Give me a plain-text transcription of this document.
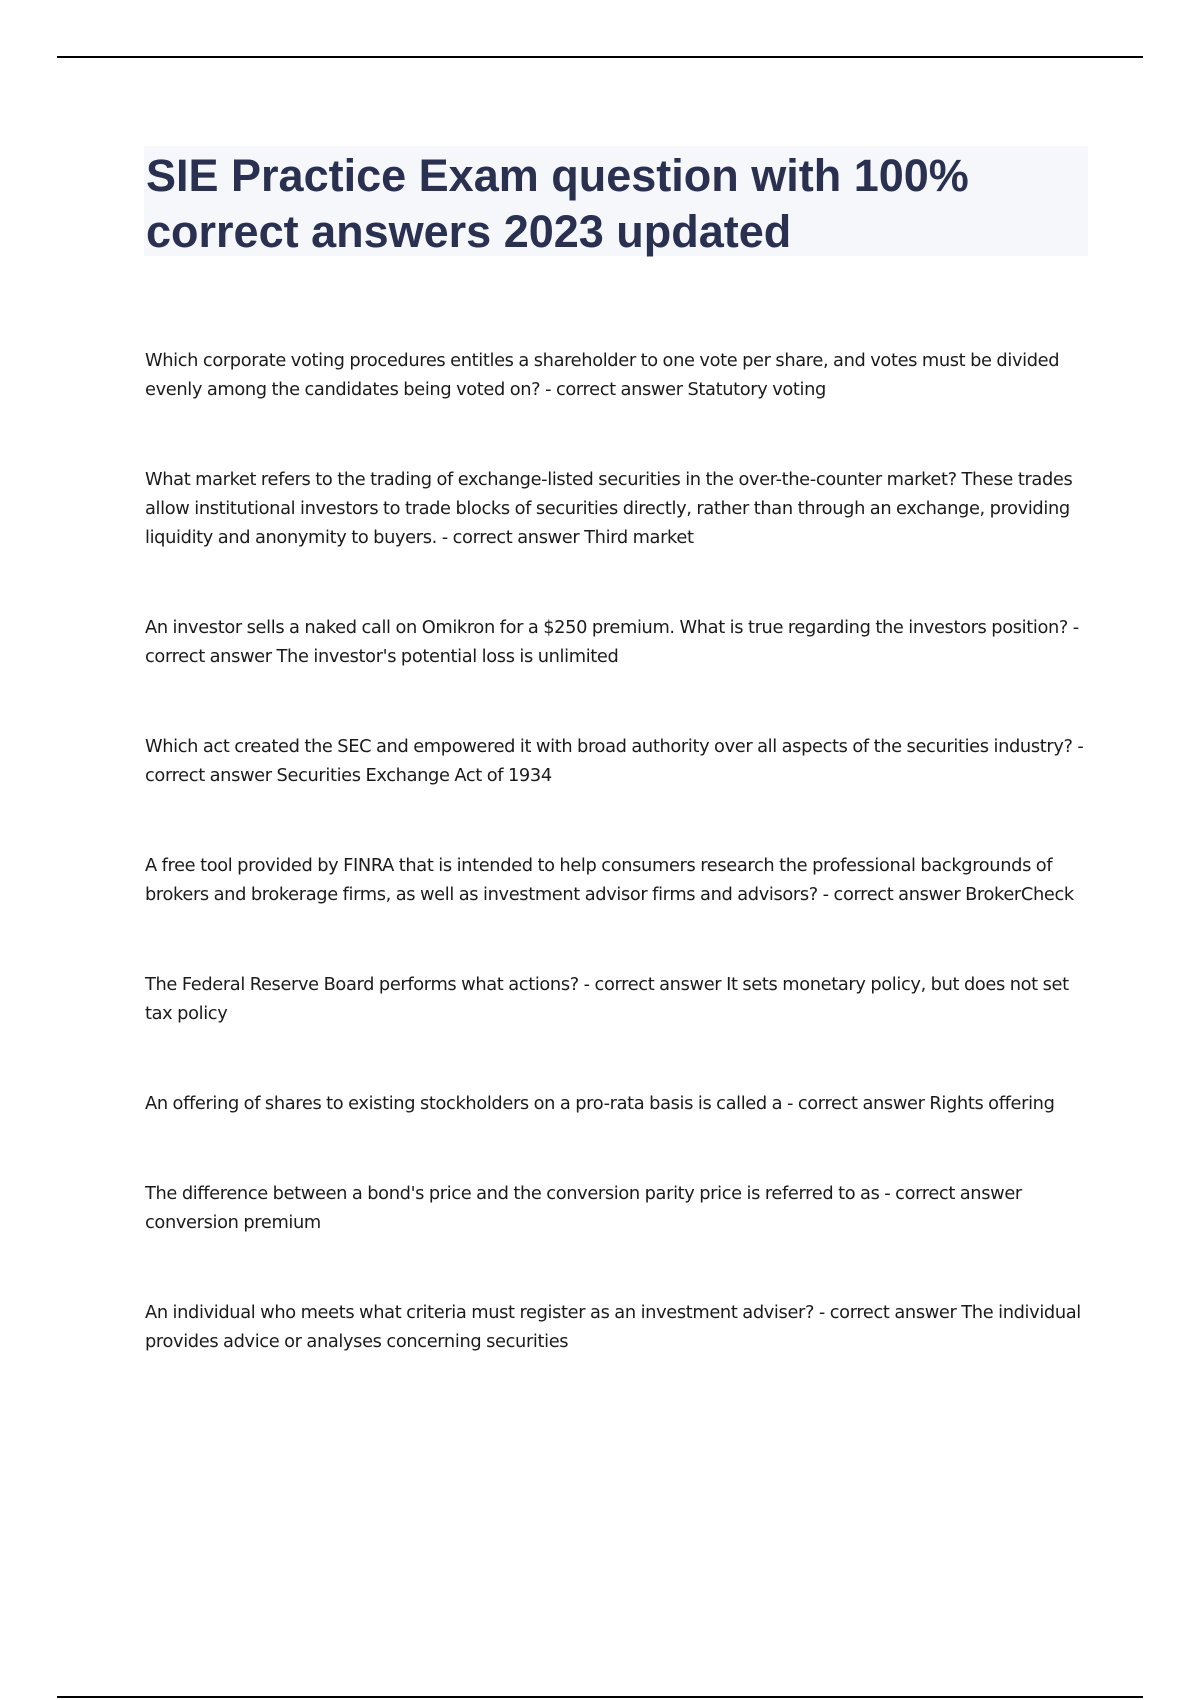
SIE Practice Exam question with 100% correct answers 2023 updated

Which corporate voting procedures entitles a shareholder to one vote per share, and votes must be divided evenly among the candidates being voted on? - correct answer Statutory voting

What market refers to the trading of exchange-listed securities in the over-the-counter market? These trades allow institutional investors to trade blocks of securities directly, rather than through an exchange, providing liquidity and anonymity to buyers. - correct answer Third market

An investor sells a naked call on Omikron for a $250 premium. What is true regarding the investors position? - correct answer The investor's potential loss is unlimited

Which act created the SEC and empowered it with broad authority over all aspects of the securities industry? - correct answer Securities Exchange Act of 1934

A free tool provided by FINRA that is intended to help consumers research the professional backgrounds of brokers and brokerage firms, as well as investment advisor firms and advisors? - correct answer BrokerCheck

The Federal Reserve Board performs what actions? - correct answer It sets monetary policy, but does not set tax policy

An offering of shares to existing stockholders on a pro-rata basis is called a - correct answer Rights offering

The difference between a bond's price and the conversion parity price is referred to as - correct answer conversion premium

An individual who meets what criteria must register as an investment adviser? - correct answer The individual provides advice or analyses concerning securities
